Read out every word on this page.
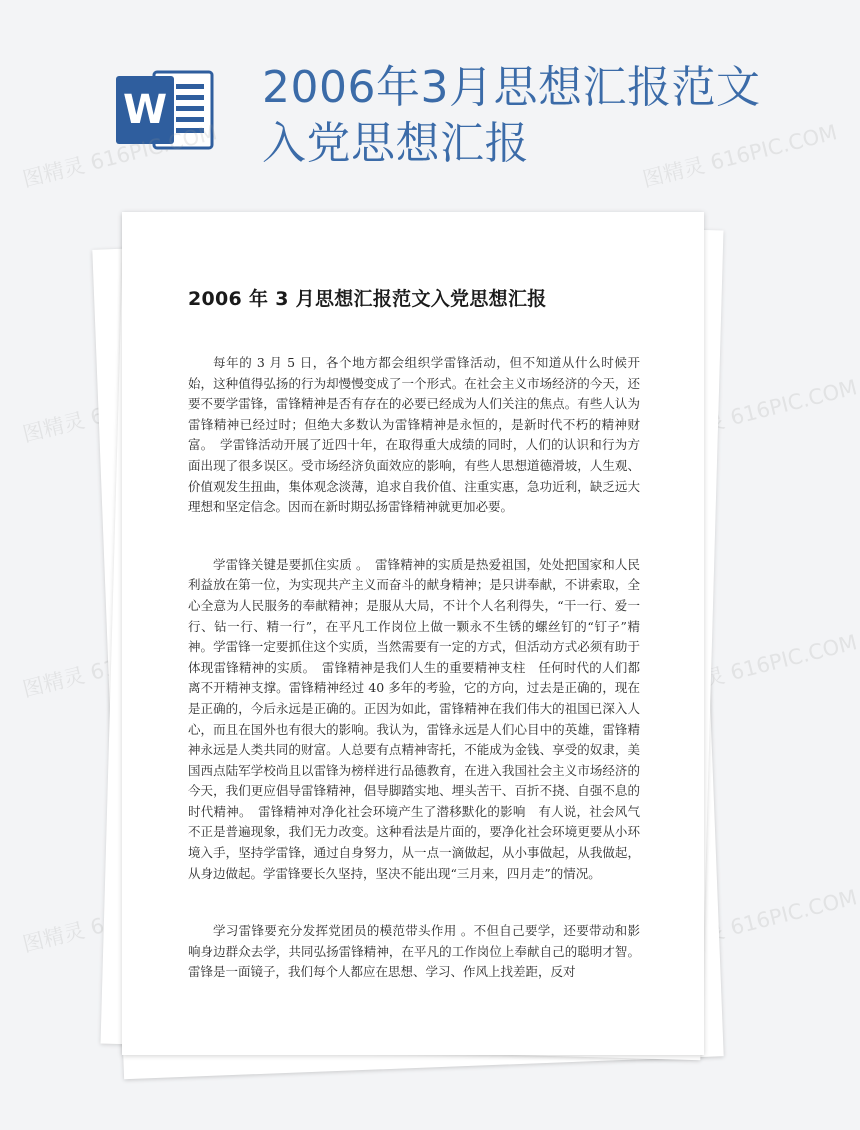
W 2006年3月思想汇报范文入党思想汇报
图精灵 616PIC.COM	图精灵 616PIC.COM
图精灵	图精灵 616PIC.COM
图精灵	图精灵 616PIC.COM
图精灵	图精灵 616PIC.COM
2006 年 3 月思想汇报范文入党思想汇报

每年的 3 月 5 日，各个地方都会组织学雷锋活动，但不知道从什么时候开始，这种值得弘扬的行为却慢慢变成了一个形式。在社会主义市场经济的今天，还要不要学雷锋，雷锋精神是否有存在的必要已经成为人们关注的焦点。有些人认为雷锋精神已经过时；但绝大多数认为雷锋精神是永恒的，是新时代不朽的精神财富。　学雷锋活动开展了近四十年，在取得重大成绩的同时，人们的认识和行为方面出现了很多误区。受市场经济负面效应的影响，有些人思想道德滑坡，人生观、价值观发生扭曲，集体观念淡薄，追求自我价值、注重实惠，急功近利，缺乏远大理想和坚定信念。因而在新时期弘扬雷锋精神就更加必要。

学雷锋关键是要抓住实质 。　雷锋精神的实质是热爱祖国，处处把国家和人民利益放在第一位，为实现共产主义而奋斗的献身精神；是只讲奉献，不讲索取，全心全意为人民服务的奉献精神；是服从大局，不计个人名利得失，“干一行、爱一行、钻一行、精一行”，在平凡工作岗位上做一颗永不生锈的螺丝钉的“钉子”精神。学雷锋一定要抓住这个实质，当然需要有一定的方式，但活动方式必须有助于体现雷锋精神的实质。　雷锋精神是我们人生的重要精神支柱　任何时代的人们都离不开精神支撑。雷锋精神经过 40 多年的考验，它的方向，过去是正确的，现在是正确的，今后永远是正确的。正因为如此，雷锋精神在我们伟大的祖国已深入人心，而且在国外也有很大的影响。我认为，雷锋永远是人们心目中的英雄，雷锋精神永远是人类共同的财富。人总要有点精神寄托，不能成为金钱、享受的奴隶，美国西点陆军学校尚且以雷锋为榜样进行品德教育，在进入我国社会主义市场经济的今天，我们更应倡导雷锋精神，倡导脚踏实地、埋头苦干、百折不挠、自强不息的时代精神。　雷锋精神对净化社会环境产生了潜移默化的影响　有人说，社会风气不正是普遍现象，我们无力改变。这种看法是片面的，要净化社会环境更要从小环境入手，坚持学雷锋，通过自身努力，从一点一滴做起，从小事做起，从我做起，从身边做起。学雷锋要长久坚持，坚决不能出现“三月来，四月走”的情况。

学习雷锋要充分发挥党团员的模范带头作用 。不但自己要学，还要带动和影响身边群众去学，共同弘扬雷锋精神，在平凡的工作岗位上奉献自己的聪明才智。雷锋是一面镜子，我们每个人都应在思想、学习、作风上找差距，反对
